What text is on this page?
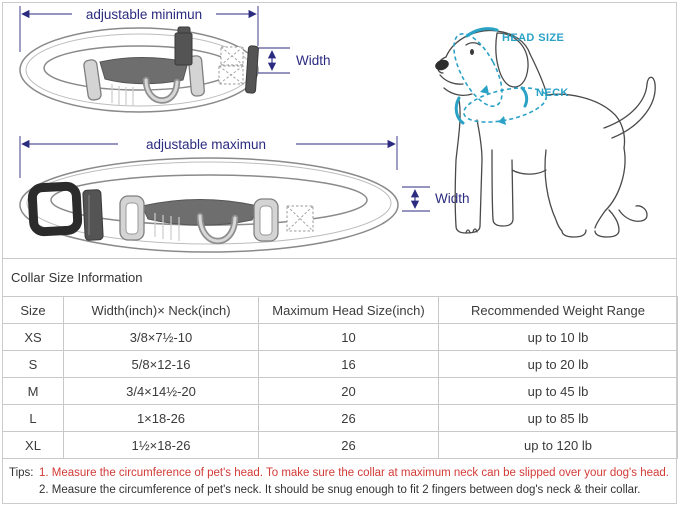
adjustable minimun
Width
adjustable maximun
Width
HEAD SIZE
NECK
Collar Size Information
Size	Width(inch)× Neck(inch)	Maximum Head Size(inch)	Recommended Weight Range
XS	3/8×7½-10	10	up to 10 lb
S	5/8×12-16	16	up to 20 lb
M	3/4×14½-20	20	up to 45 lb
L	1×18-26	26	up to 85 lb
XL	1½×18-26	26	up to 120 lb
Tips: 1. Measure the circumference of pet's head. To make sure the collar at maximum neck can be slipped over your dog's head.
2. Measure the circumference of pet's neck. It should be snug enough to fit 2 fingers between dog's neck & their collar.
